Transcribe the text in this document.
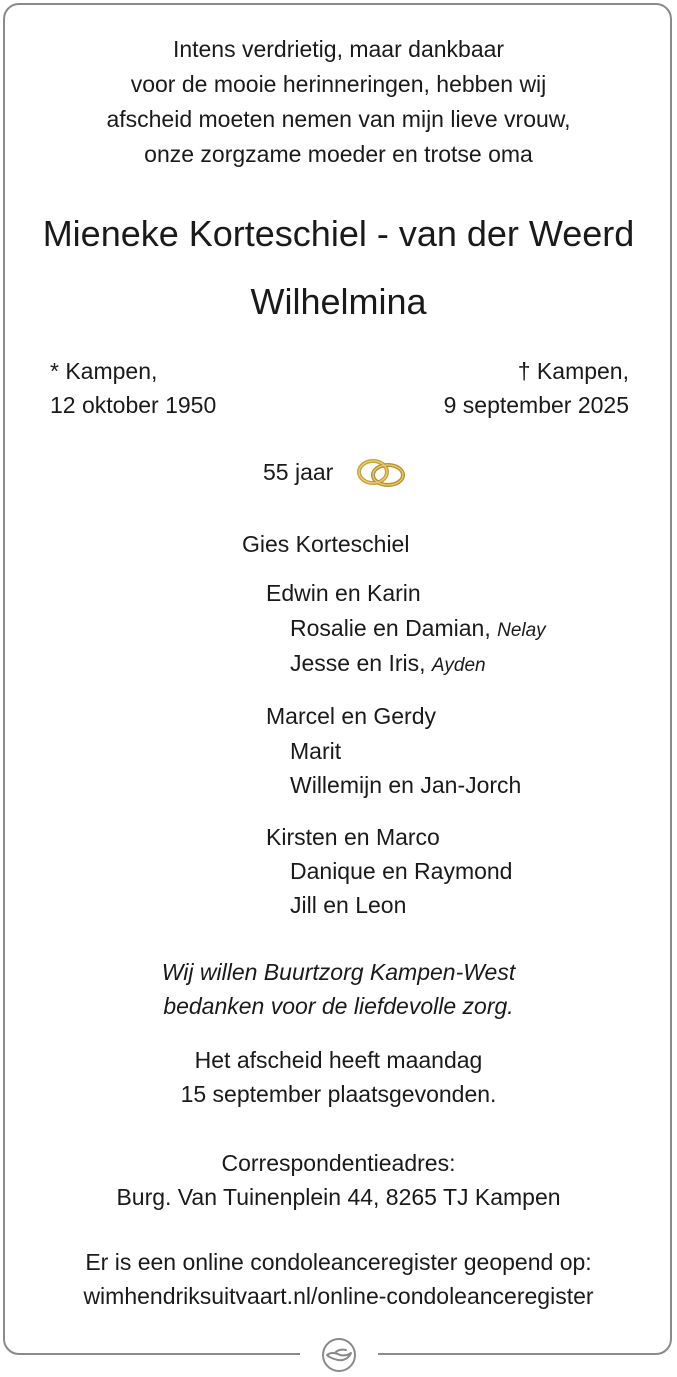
Intens verdrietig, maar dankbaar

voor de mooie herinneringen, hebben wij

afscheid moeten nemen van mijn lieve vrouw,

onze zorgzame moeder en trotse oma

Mieneke Korteschiel - van der Weerd

Wilhelmina

* Kampen,

12 oktober 1950

† Kampen,

9 september 2025

55 jaar

Gies Korteschiel

Edwin en Karin

Rosalie en Damian, Nelay

Jesse en Iris, Ayden

Marcel en Gerdy

Marit

Willemijn en Jan-Jorch

Kirsten en Marco

Danique en Raymond

Jill en Leon

Wij willen Buurtzorg Kampen-West

bedanken voor de liefdevolle zorg.

Het afscheid heeft maandag

15 september plaatsgevonden.

Correspondentieadres:

Burg. Van Tuinenplein 44, 8265 TJ Kampen

Er is een online condoleanceregister geopend op:

wimhendriksuitvaart.nl/online-condoleanceregister
